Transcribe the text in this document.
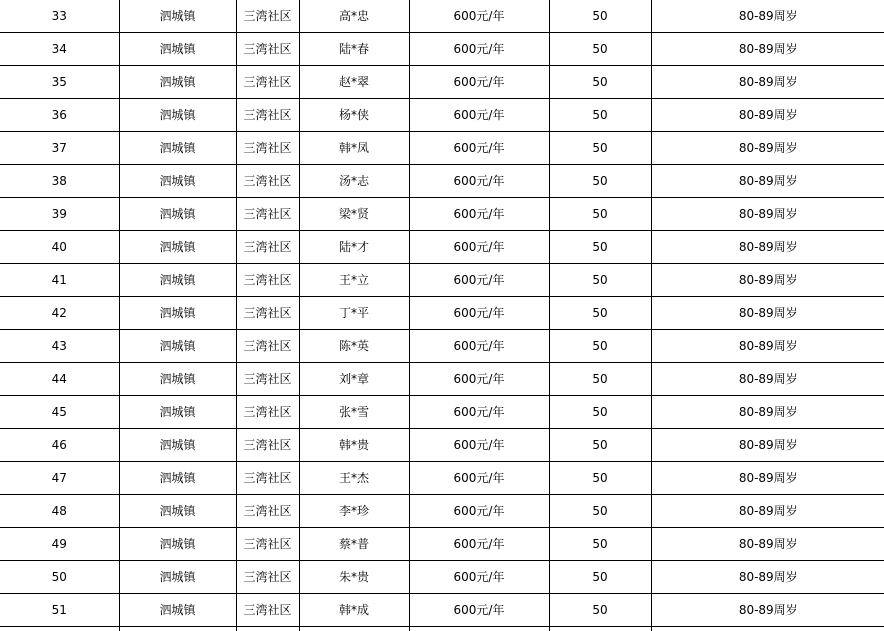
33	泗城镇	三湾社区	高*忠	600元/年	50	80-89周岁
34	泗城镇	三湾社区	陆*春	600元/年	50	80-89周岁
35	泗城镇	三湾社区	赵*翠	600元/年	50	80-89周岁
36	泗城镇	三湾社区	杨*侠	600元/年	50	80-89周岁
37	泗城镇	三湾社区	韩*凤	600元/年	50	80-89周岁
38	泗城镇	三湾社区	汤*志	600元/年	50	80-89周岁
39	泗城镇	三湾社区	梁*贤	600元/年	50	80-89周岁
40	泗城镇	三湾社区	陆*才	600元/年	50	80-89周岁
41	泗城镇	三湾社区	王*立	600元/年	50	80-89周岁
42	泗城镇	三湾社区	丁*平	600元/年	50	80-89周岁
43	泗城镇	三湾社区	陈*英	600元/年	50	80-89周岁
44	泗城镇	三湾社区	刘*章	600元/年	50	80-89周岁
45	泗城镇	三湾社区	张*雪	600元/年	50	80-89周岁
46	泗城镇	三湾社区	韩*贵	600元/年	50	80-89周岁
47	泗城镇	三湾社区	王*杰	600元/年	50	80-89周岁
48	泗城镇	三湾社区	李*珍	600元/年	50	80-89周岁
49	泗城镇	三湾社区	蔡*普	600元/年	50	80-89周岁
50	泗城镇	三湾社区	朱*贵	600元/年	50	80-89周岁
51	泗城镇	三湾社区	韩*成	600元/年	50	80-89周岁
